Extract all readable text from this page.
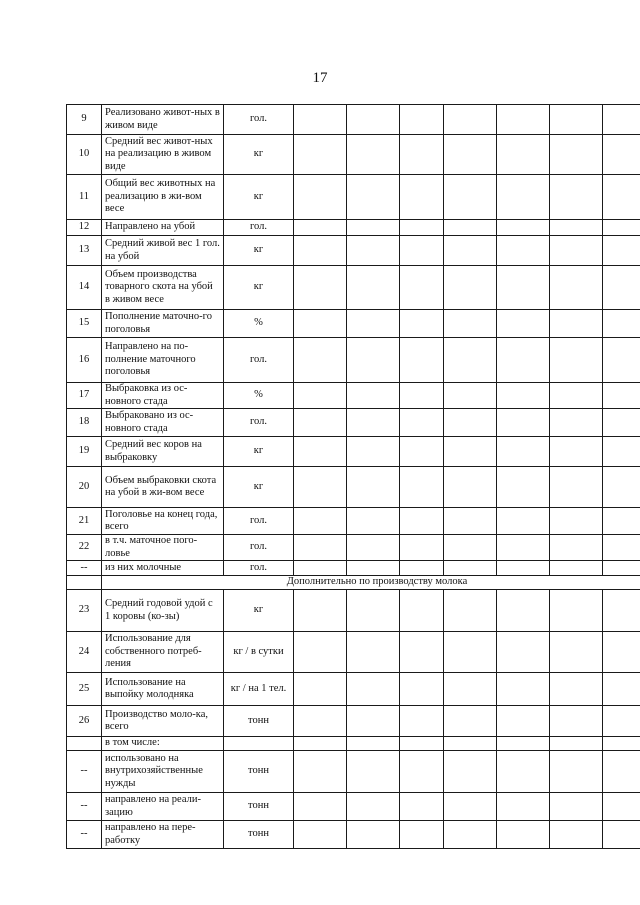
17
9	Реализовано живот-ных в живом виде	гол.							
10	Средний вес живот-ных на реализацию в живом виде	кг							
11	Общий вес животных на реализацию в жи-вом весе	кг							
12	Направлено на убой	гол.							
13	Средний живой вес 1 гол. на убой	кг							
14	Объем производства товарного скота на убой в живом весе	кг							
15	Пополнение маточно-го поголовья	%							
16	Направлено на по-полнение маточного поголовья	гол.							
17	Выбраковка из ос-новного стада	%							
18	Выбраковано из ос-новного стада	гол.							
19	Средний вес коров на выбраковку	кг							
20	Объем выбраковки скота на убой в жи-вом весе	кг							
21	Поголовье на конец года, всего	гол.							
22	в т.ч. маточное пого-ловье	гол.							
--	из них молочные	гол.							
	Дополнительно по производству молока								
23	Средний годовой удой с 1 коровы (ко-зы)	кг							
24	Использование для собственного потреб-ления	кг / в сутки							
25	Использование на выпойку молодняка	кг / на 1 тел.							
26	Производство моло-ка, всего	тонн							
	в том числе:								
--	использовано на внутрихозяйственные нужды	тонн							
--	направлено на реали-зацию	тонн							
--	направлено на пере-работку	тонн							
